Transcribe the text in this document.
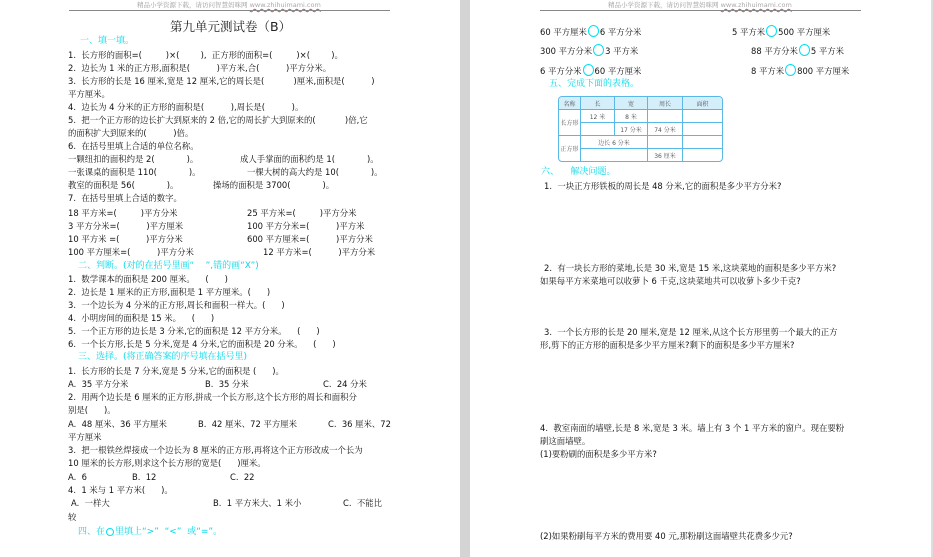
精品小学资源下载，请访问智慧妈咪网 www.zhihuimami.com
第九单元测试卷（B）
一、填一填。
1.  长方形的面积=(         )×(        ),  正方形的面积=(         )×(        )。
2.  边长为 1 米的正方形,面积是(          )平方米,合(          )平方分米。
3.  长方形的长是 16 厘米,宽是 12 厘米,它的周长是(           )厘米,面积是(          )
平方厘米。
4.  边长为 4 分米的正方形的面积是(          ),周长是(          )。
5.  把一个正方形的边长扩大到原来的 2 倍,它的周长扩大到原来的(           )倍,它
的面积扩大到原来的(          )倍。
6.  在括号里填上合适的单位名称。
一颗纽扣的面积约是 2(            )。	成人手掌面的面积约是 1(            )。
一张课桌的面积是 110(            )。	一棵大树的高大约是 10(            )。
教室的面积是 56(            )。	操场的面积是 3700(            )。
7.  在括号里填上合适的数字。
18 平方米=(         )平方分米	25 平方米=(         )平方分米
3 平方分米=(          )平方厘米	100 平方分米=(          )平方米
10 平方米 =(          )平方分米	600 平方厘米=(          )平方分米
100 平方厘米=(          )平方分米	12 平方米=(          )平方分米
二、判断。(对的在括号里画“    ”,错的画“X”)
1.  数学课本的面积是 200 厘米。    (      )
2.  边长是 1 厘米的正方形,面积是 1 平方厘米。(      )
3.  一个边长为 4 分米的正方形,周长和面积一样大。(      )
4.  小明房间的面积是 15 米。    (      )
5.  一个正方形的边长是 3 分米,它的面积是 12 平方分米。    (      )
6.  一个长方形,长是 5 分米,宽是 4 分米,它的面积是 20 分米。    (      )
三、选择。(将正确答案的序号填在括号里)
1.  长方形的长是 7 分米,宽是 5 分米,它的面积是 (      )。
A.  35 平方分米	B.  35 分米	C.  24 分米
2.  用两个边长是 6 厘米的正方形,拼成一个长方形,这个长方形的周长和面积分
别是(      )。
A.  48 厘米、36 平方厘米	B.  42 厘米、72 平方厘米	C.  36 厘米、72
平方厘米
3.  把一根铁丝焊接成一个边长为 8 厘米的正方形,再将这个正方形改成一个长为
10 厘米的长方形,则求这个长方形的宽是(      )厘米。
A.  6	B.  12	C.  22
4.  1 米与 1 平方米(      )。
A.  一样大	B.  1 平方米大、1 米小	C.  不能比
较
四、在 里填上“>”  “<”  或“=”。
精品小学资源下载，请访问智慧妈咪网 www.zhihuimami.com
60 平方厘米 6 平方分米	5 平方米 500 平方厘米
300 平方分米 3 平方米	88 平方分米 5 平方米
6 平方分米 60 平方厘米	8 平方米 800 平方厘米
五、完成下面的表格。
名称	长	宽	周长	面积
长方形	12 米	8 米		
		17 分米	74 分米	
正方形	边长 6 分米			
			36 厘米	
六、    解决问题。
1.  一块正方形铁板的周长是 48 分米,它的面积是多少平方分米?
2.  有一块长方形的菜地,长是 30 米,宽是 15 米,这块菜地的面积是多少平方米?
如果每平方米菜地可以收萝卜 6 千克,这块菜地共可以收萝卜多少千克?
3.  一个长方形的长是 20 厘米,宽是 12 厘米,从这个长方形里剪一个最大的正方
形,剪下的正方形的面积是多少平方厘米?剩下的面积是多少平方厘米?
4.  教室南面的墙壁,长是 8 米,宽是 3 米。墙上有 3 个 1 平方米的窗户。现在要粉
刷这面墙壁。
(1)要粉刷的面积是多少平方米?
(2)如果粉刷每平方米的费用要 40 元,那粉刷这面墙壁共花费多少元?
